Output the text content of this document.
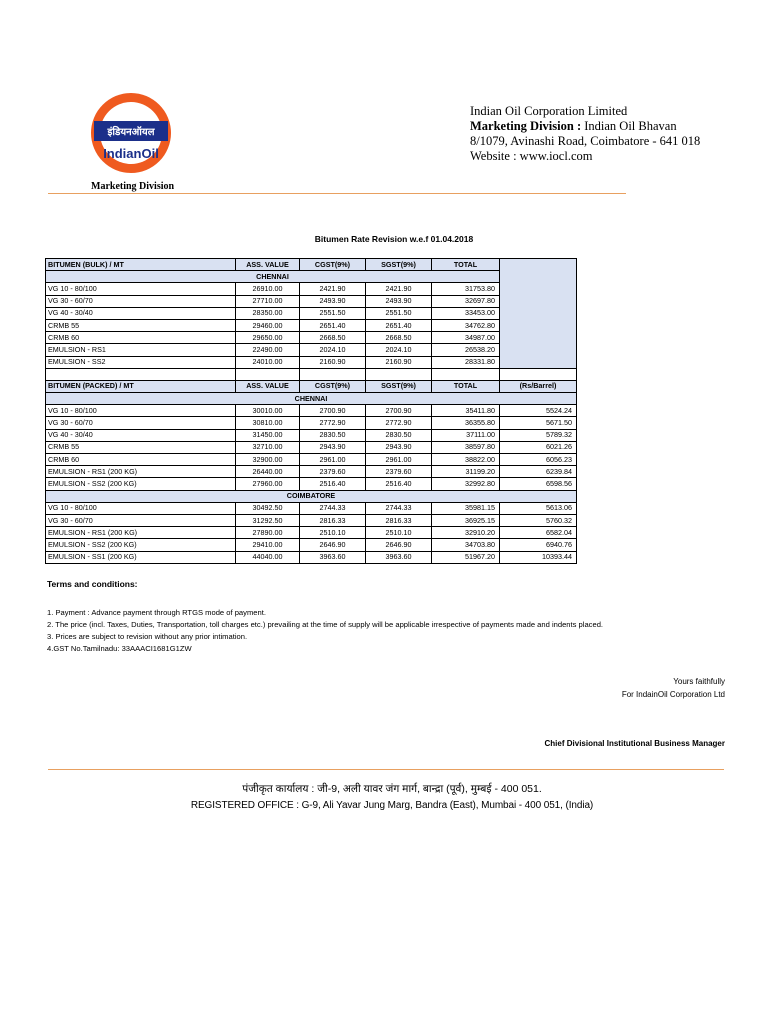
इंडियनऑयल
IndianOil
Marketing Division
Indian Oil Corporation Limited
Marketing Division : Indian Oil Bhavan
8/1079, Avinashi Road, Coimbatore - 641 018
Website : www.iocl.com
Bitumen Rate Revision w.e.f 01.04.2018
BITUMEN (BULK) / MT	ASS. VALUE	CGST(9%)	SGST(9%)	TOTAL	
CHENNAI					
VG 10 - 80/100	26910.00	2421.90	2421.90	31753.80	
VG 30 - 60/70	27710.00	2493.90	2493.90	32697.80	
VG 40 - 30/40	28350.00	2551.50	2551.50	33453.00	
CRMB 55	29460.00	2651.40	2651.40	34762.80	
CRMB 60	29650.00	2668.50	2668.50	34987.00	
EMULSION - RS1	22490.00	2024.10	2024.10	26538.20	
EMULSION - SS2	24010.00	2160.90	2160.90	28331.80	

BITUMEN (PACKED) / MT	ASS. VALUE	CGST(9%)	SGST(9%)	TOTAL	(Rs/Barrel)
CHENNAI					
VG 10 - 80/100	30010.00	2700.90	2700.90	35411.80	5524.24
VG 30 - 60/70	30810.00	2772.90	2772.90	36355.80	5671.50
VG 40 - 30/40	31450.00	2830.50	2830.50	37111.00	5789.32
CRMB 55	32710.00	2943.90	2943.90	38597.80	6021.26
CRMB 60	32900.00	2961.00	2961.00	38822.00	6056.23
EMULSION - RS1 (200 KG)	26440.00	2379.60	2379.60	31199.20	6239.84
EMULSION - SS2 (200 KG)	27960.00	2516.40	2516.40	32992.80	6598.56
COIMBATORE					
VG 10 - 80/100	30492.50	2744.33	2744.33	35981.15	5613.06
VG 30 - 60/70	31292.50	2816.33	2816.33	36925.15	5760.32
EMULSION - RS1 (200 KG)	27890.00	2510.10	2510.10	32910.20	6582.04
EMULSION - SS2 (200 KG)	29410.00	2646.90	2646.90	34703.80	6940.76
EMULSION - SS1 (200 KG)	44040.00	3963.60	3963.60	51967.20	10393.44
Terms and conditions:
1. Payment : Advance payment through RTGS mode of payment.
2. The price (incl. Taxes, Duties, Transportation, toll charges etc.) prevailing at the time of supply will be applicable irrespective of payments made and indents placed.
3. Prices are subject to revision without any prior intimation.
4.GST No.Tamilnadu: 33AAACI1681G1ZW
Yours faithfully
For IndainOil Corporation Ltd
Chief Divisional Institutional Business Manager
पंजीकृत कार्यालय : जी-9, अली यावर जंग मार्ग, बान्द्रा (पूर्व), मुम्बई - 400 051.
REGISTERED OFFICE : G-9, Ali Yavar Jung Marg, Bandra (East), Mumbai - 400 051, (India)
